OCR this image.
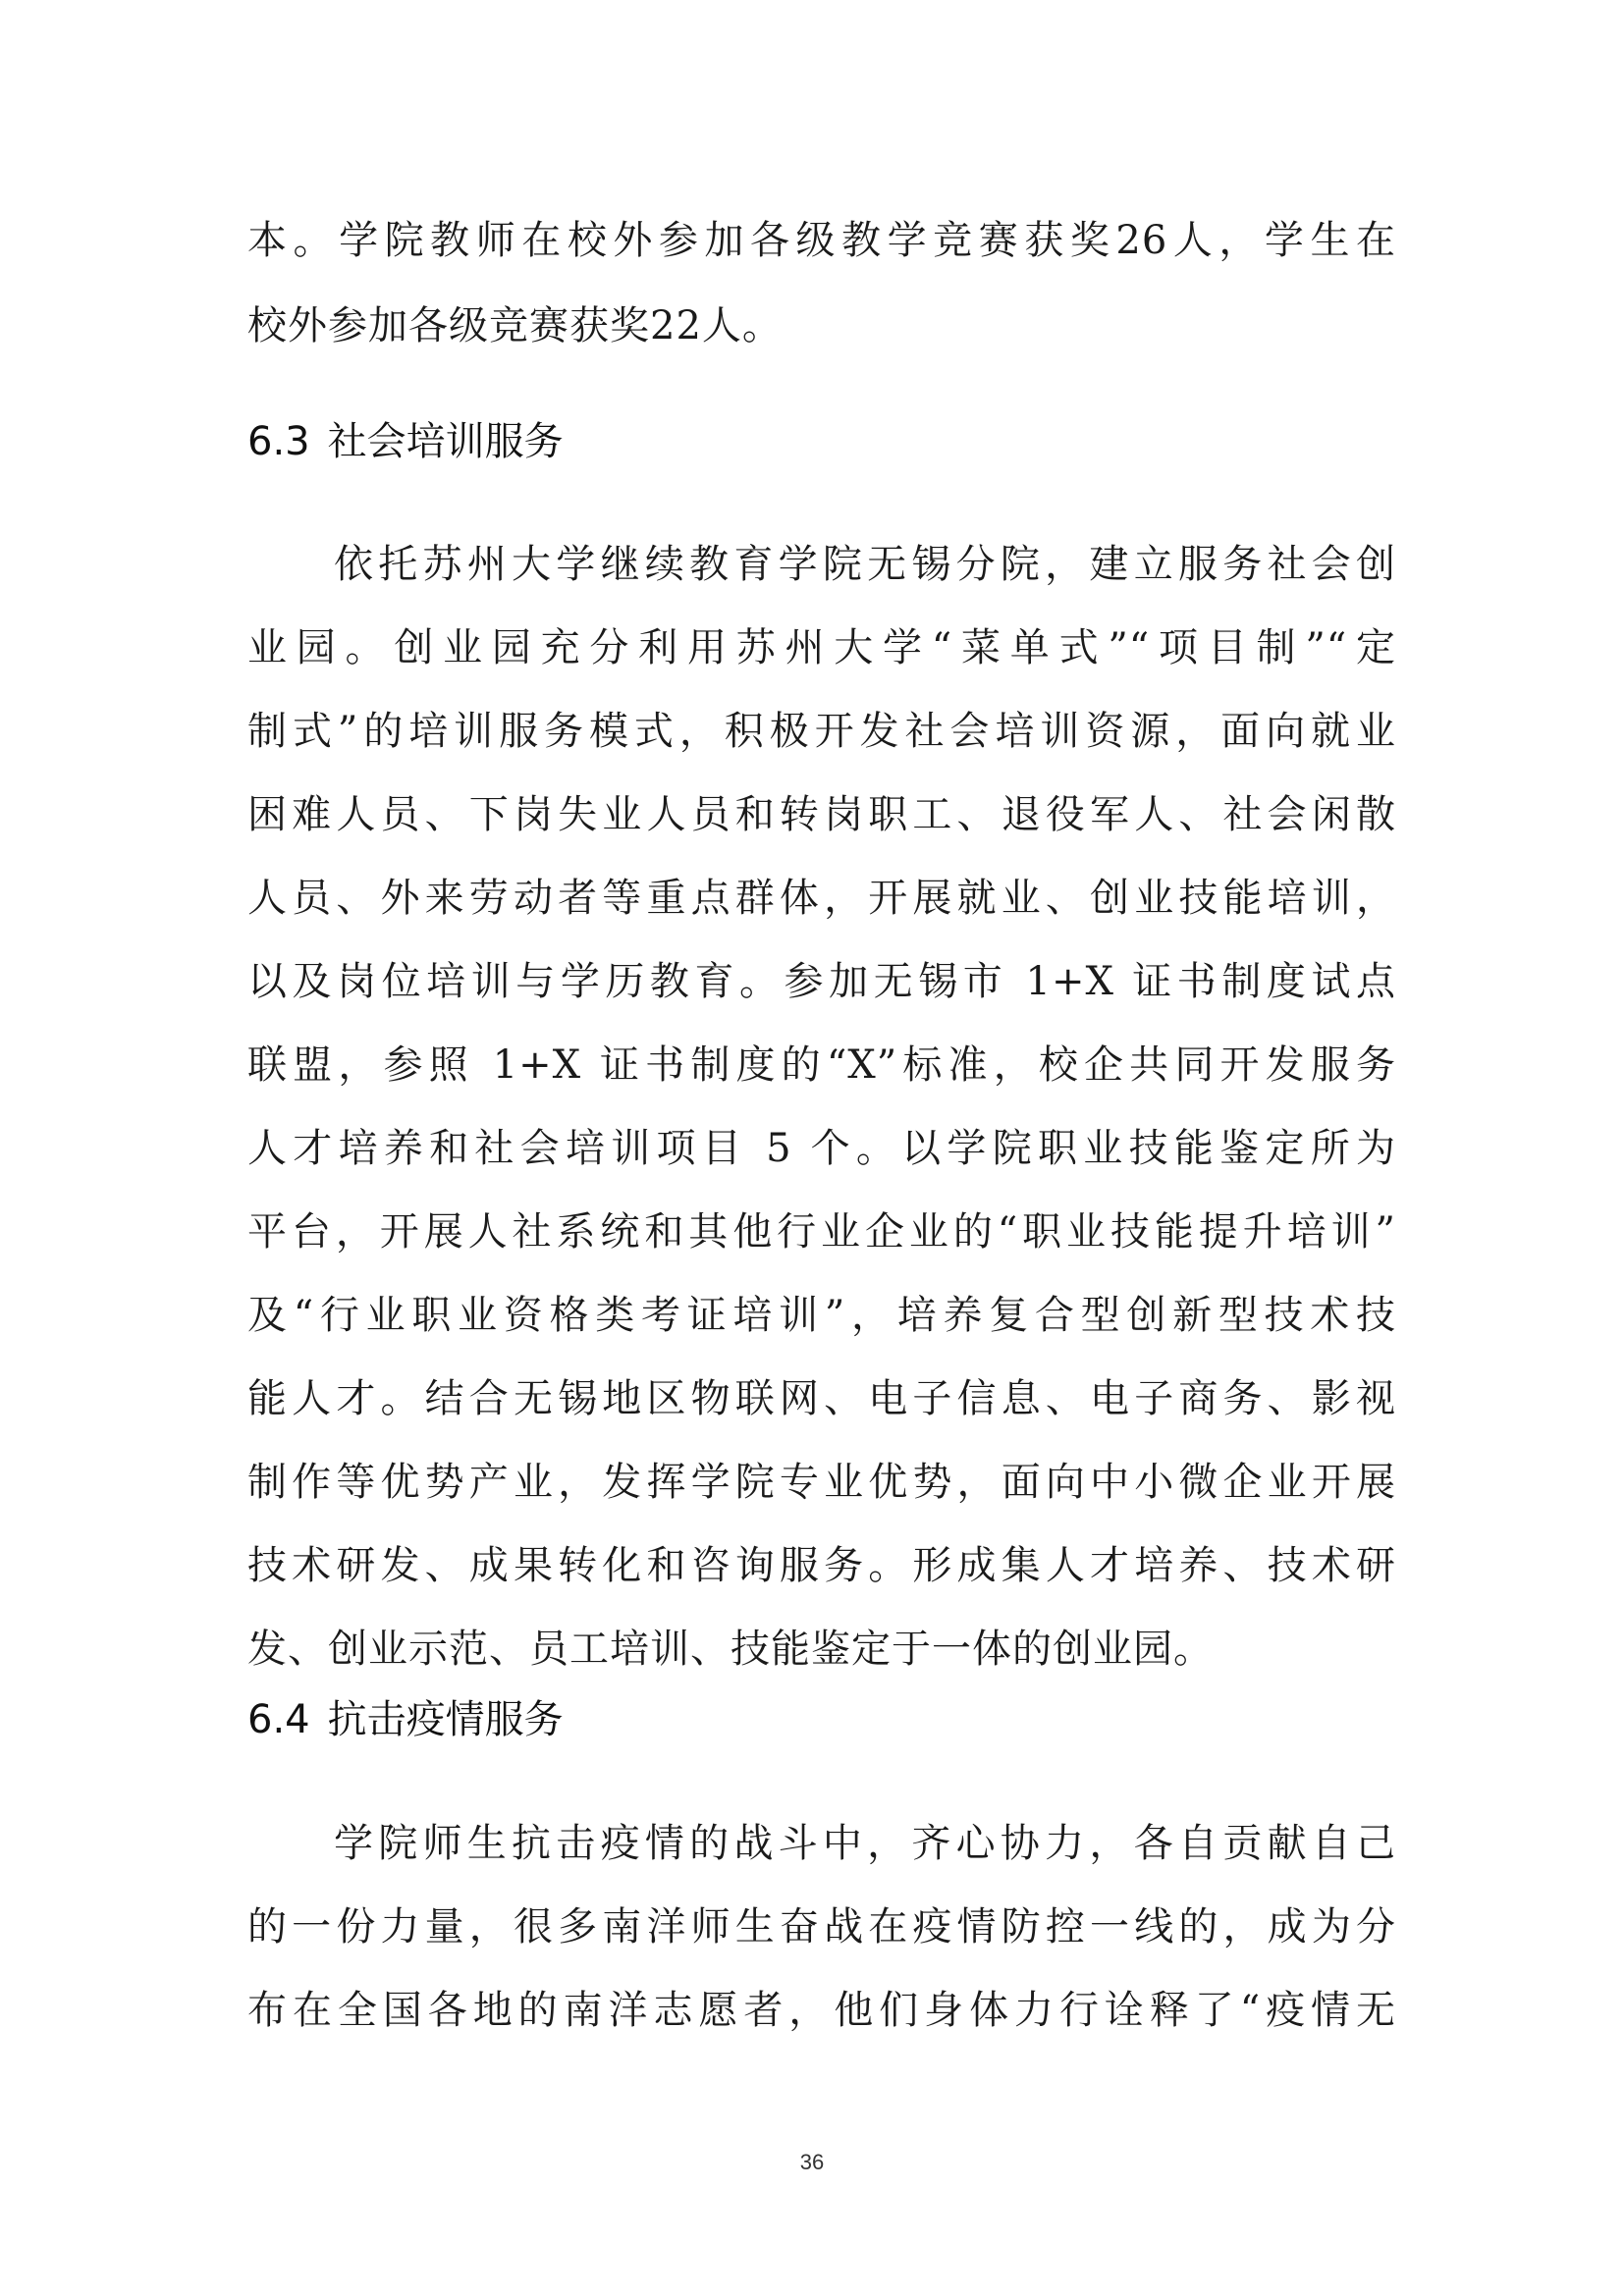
本。学院教师在校外参加各级教学竞赛获奖26人，学生在
校外参加各级竞赛获奖22人。
6.3 社会培训服务
依托苏州大学继续教育学院无锡分院，建立服务社会创
业园。创业园充分利用苏州大学“菜单式”“项目制”“定
制式”的培训服务模式，积极开发社会培训资源，面向就业
困难人员、下岗失业人员和转岗职工、退役军人、社会闲散
人员、外来劳动者等重点群体，开展就业、创业技能培训，
以及岗位培训与学历教育。参加无锡市 1+X 证书制度试点
联盟，参照 1+X 证书制度的“X”标准，校企共同开发服务
人才培养和社会培训项目 5 个。以学院职业技能鉴定所为
平台，开展人社系统和其他行业企业的“职业技能提升培训”
及“行业职业资格类考证培训”，培养复合型创新型技术技
能人才。结合无锡地区物联网、电子信息、电子商务、影视
制作等优势产业，发挥学院专业优势，面向中小微企业开展
技术研发、成果转化和咨询服务。形成集人才培养、技术研
发、创业示范、员工培训、技能鉴定于一体的创业园。
6.4 抗击疫情服务
学院师生抗击疫情的战斗中，齐心协力，各自贡献自己
的一份力量，很多南洋师生奋战在疫情防控一线的，成为分
布在全国各地的南洋志愿者，他们身体力行诠释了“疫情无
36
